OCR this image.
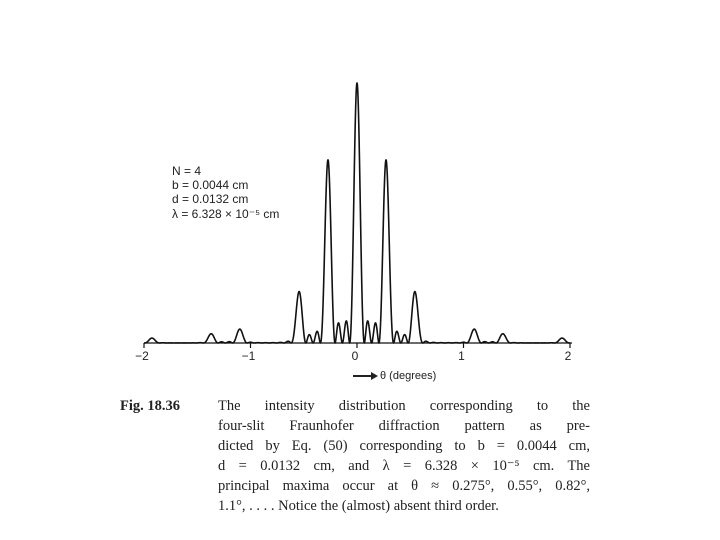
−2	−1	0	1	2
N = 4
b = 0.0044 cm
d = 0.0132 cm
λ = 6.328 × 10⁻⁵ cm
θ (degrees)
Fig. 18.36	The intensity distribution corresponding to the
four-slit Fraunhofer diffraction pattern as pre-
dicted by Eq. (50) corresponding to b = 0.0044 cm,
d = 0.0132 cm, and λ = 6.328 × 10⁻⁵ cm. The
principal maxima occur at θ ≈ 0.275°, 0.55°, 0.82°,
1.1°, . . . . Notice the (almost) absent third order.
